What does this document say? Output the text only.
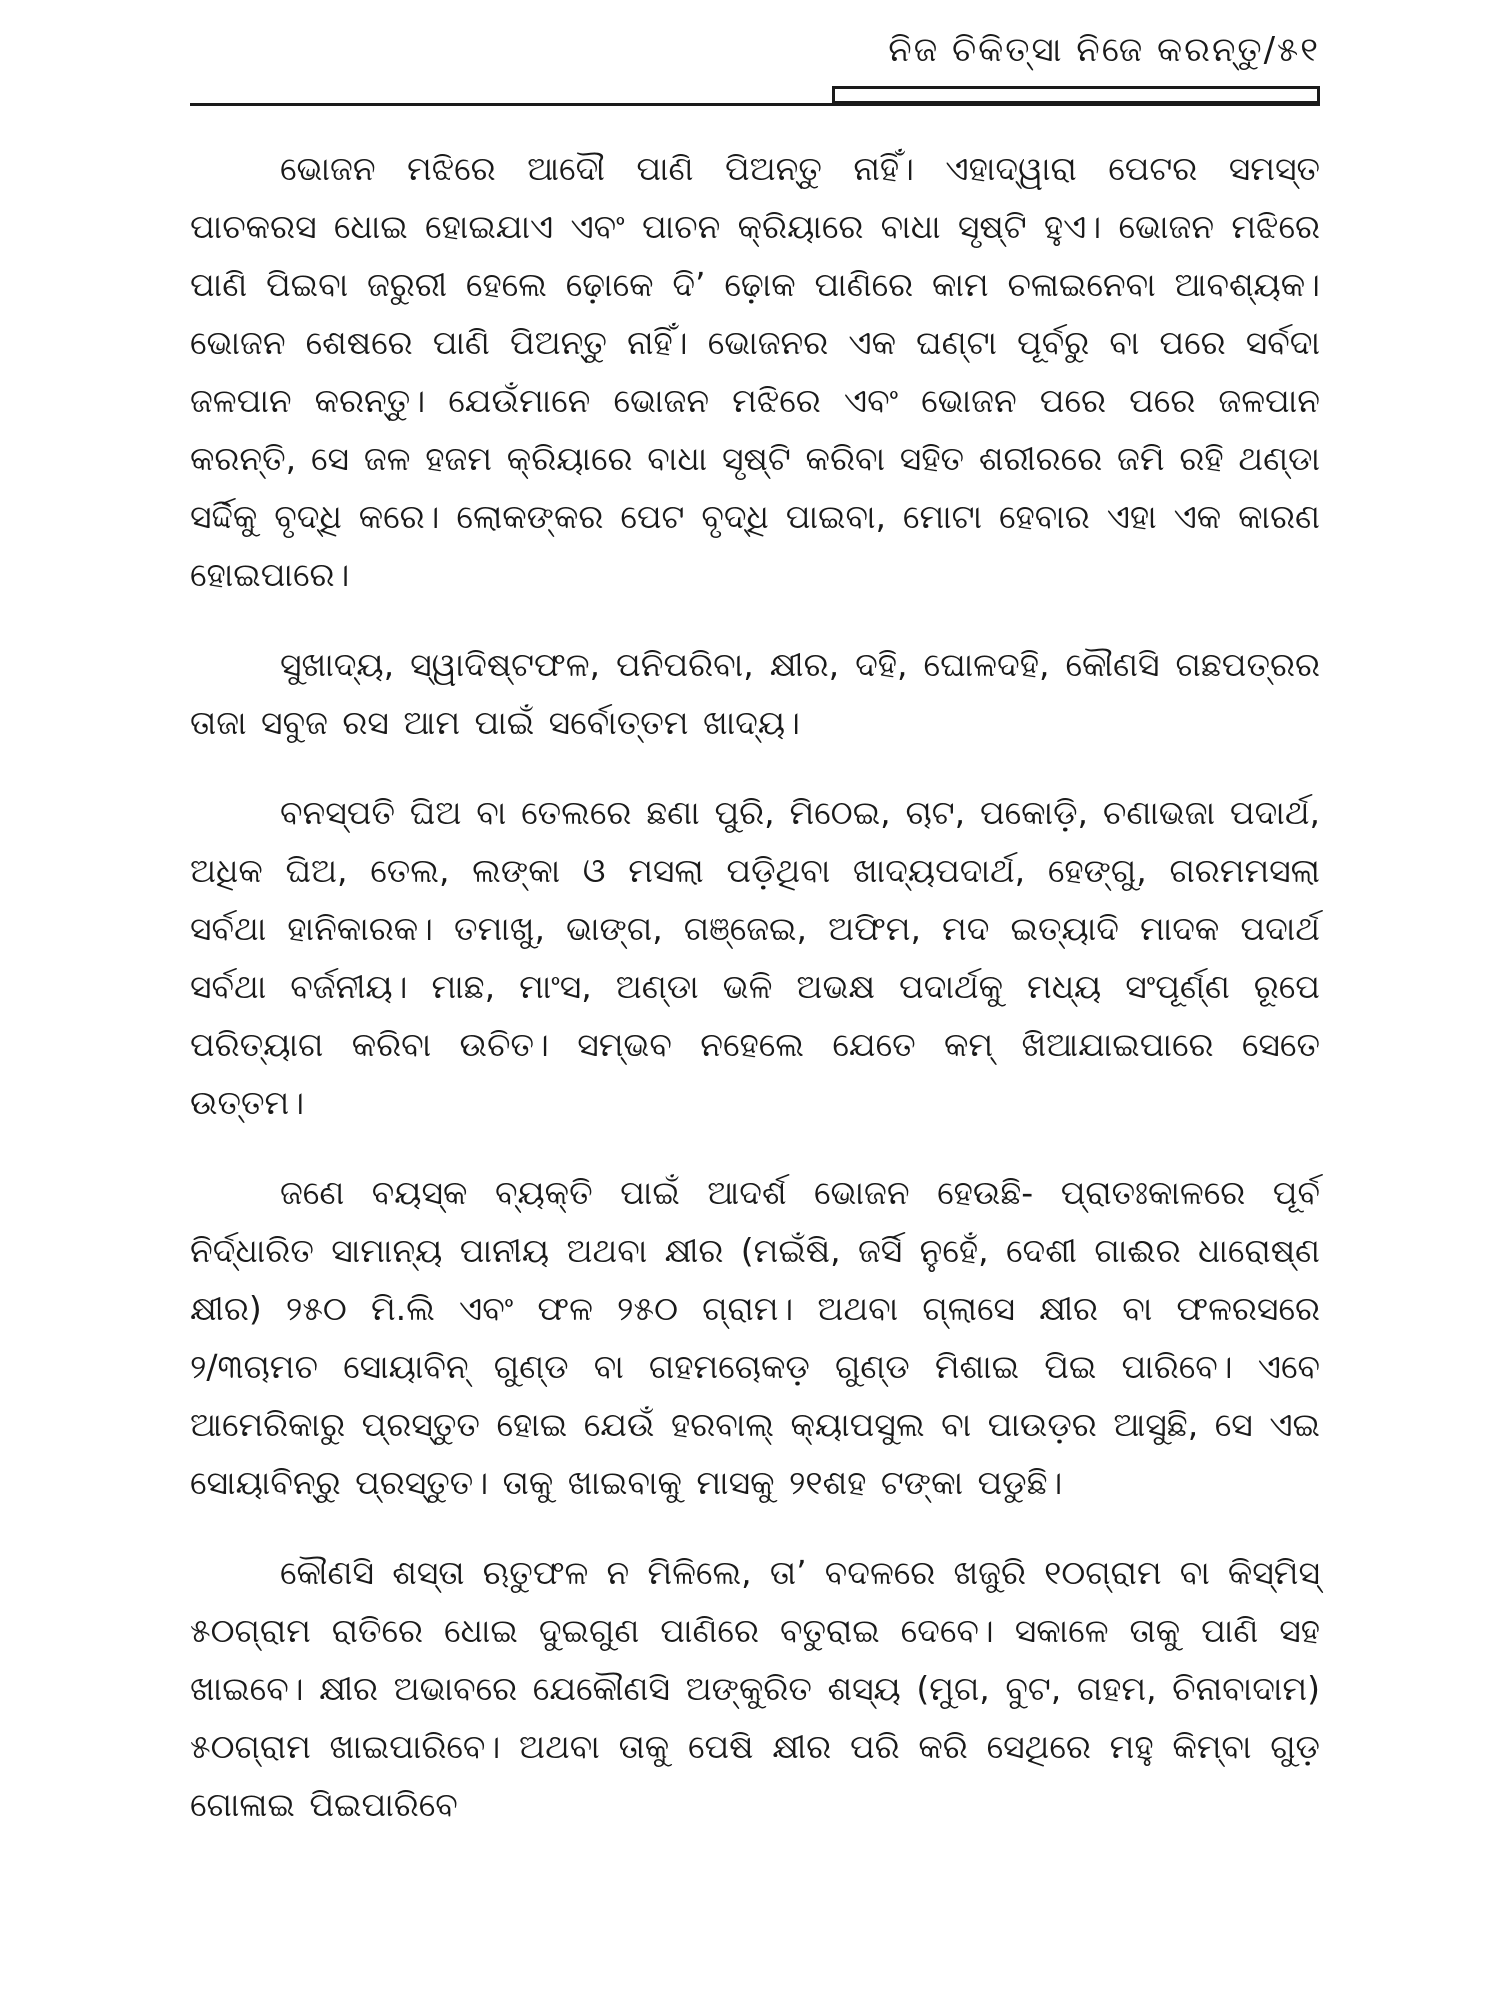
ନିଜ ଚିକିତ୍ସା ନିଜେ କରନ୍ତୁ/୫୧

ଭୋଜନ ମଝିରେ ଆଦୌ ପାଣି ପିଅନ୍ତୁ ନାହିଁ। ଏହାଦ୍ୱାରା ପେଟର ସମସ୍ତ ପାଚକରସ ଧୋଇ ହୋଇଯାଏ ଏବଂ ପାଚନ କ୍ରିୟାରେ ବାଧା ସୃଷ୍ଟି ହୁଏ। ଭୋଜନ ମଝିରେ ପାଣି ପିଇବା ଜରୁରୀ ହେଲେ ଢ଼ୋକେ ଦି’ ଢ଼ୋକ ପାଣିରେ କାମ ଚଳାଇନେବା ଆବଶ୍ୟକ। ଭୋଜନ ଶେଷରେ ପାଣି ପିଅନ୍ତୁ ନାହିଁ। ଭୋଜନର ଏକ ଘଣ୍ଟା ପୂର୍ବରୁ ବା ପରେ ସର୍ବଦା ଜଳପାନ କରନ୍ତୁ। ଯେଉଁମାନେ ଭୋଜନ ମଝିରେ ଏବଂ ଭୋଜନ ପରେ ପରେ ଜଳପାନ କରନ୍ତି, ସେ ଜଳ ହଜମ କ୍ରିୟାରେ ବାଧା ସୃଷ୍ଟି କରିବା ସହିତ ଶରୀରରେ ଜମି ରହି ଥଣ୍ଡା ସର୍ଦ୍ଦିକୁ ବୃଦ୍ଧି କରେ। ଲୋକଙ୍କର ପେଟ ବୃଦ୍ଧି ପାଇବା, ମୋଟା ହେବାର ଏହା ଏକ କାରଣ ହୋଇପାରେ।

ସୁଖାଦ୍ୟ, ସ୍ୱାଦିଷ୍ଟଫଳ, ପନିପରିବା, କ୍ଷୀର, ଦହି, ଘୋଳଦହି, କୌଣସି ଗଛପତ୍ରର ତାଜା ସବୁଜ ରସ ଆମ ପାଇଁ ସର୍ବୋତ୍ତମ ଖାଦ୍ୟ।

ବନସ୍ପତି ଘିଅ ବା ତେଲରେ ଛଣା ପୁରି, ମିଠେଇ, ଚାଟ, ପକୋଡ଼ି, ଚଣାଭଜା ପଦାର୍ଥ, ଅଧିକ ଘିଅ, ତେଲ, ଲଙ୍କା ଓ ମସଲା ପଡ଼ିଥିବା ଖାଦ୍ୟପଦାର୍ଥ, ହେଙ୍ଗୁ, ଗରମମସଲା ସର୍ବଥା ହାନିକାରକ। ତମାଖୁ, ଭାଙ୍ଗ, ଗଞ୍ଜେଇ, ଅଫିମ, ମଦ ଇତ୍ୟାଦି ମାଦକ ପଦାର୍ଥ ସର୍ବଥା ବର୍ଜନୀୟ। ମାଛ, ମାଂସ, ଅଣ୍ଡା ଭଳି ଅଭକ୍ଷ ପଦାର୍ଥକୁ ମଧ୍ୟ ସଂପୂର୍ଣ୍ଣ ରୂପେ ପରିତ୍ୟାଗ କରିବା ଉଚିତ। ସମ୍ଭବ ନହେଲେ ଯେତେ କମ୍ ଖିଆଯାଇପାରେ ସେତେ ଉତ୍ତମ।

ଜଣେ ବୟସ୍କ ବ୍ୟକ୍ତି ପାଇଁ ଆଦର୍ଶ ଭୋଜନ ହେଉଛି- ପ୍ରାତଃକାଳରେ ପୂର୍ବ ନିର୍ଦ୍ଧାରିତ ସାମାନ୍ୟ ପାନୀୟ ଅଥବା କ୍ଷୀର (ମଇଁଷି, ଜର୍ସି ନୁହେଁ, ଦେଶୀ ଗାଈର ଧାରୋଷ୍ଣ କ୍ଷୀର) ୨୫୦ ମି.ଲି ଏବଂ ଫଳ ୨୫୦ ଗ୍ରାମ। ଅଥବା ଗ୍ଲାସେ କ୍ଷୀର ବା ଫଳରସରେ ୨/୩ଚାମଚ ସୋୟାବିନ୍ ଗୁଣ୍ଡ ବା ଗହମଚୋକଡ଼ ଗୁଣ୍ଡ ମିଶାଇ ପିଇ ପାରିବେ। ଏବେ ଆମେରିକାରୁ ପ୍ରସ୍ତୁତ ହୋଇ ଯେଉଁ ହରବାଲ୍ କ୍ୟାପସୁଲ ବା ପାଉଡ଼ର ଆସୁଛି, ସେ ଏଇ ସୋୟାବିନ୍‌ରୁ ପ୍ରସ୍ତୁତ। ତାକୁ ଖାଇବାକୁ ମାସକୁ ୨୧ଶହ ଟଙ୍କା ପଡୁଛି।

କୌଣସି ଶସ୍ତା ଋତୁଫଳ ନ ମିଳିଲେ, ତା’ ବଦଳରେ ଖଜୁରି ୧୦ଗ୍ରାମ ବା କିସ୍‌ମିସ୍ ୫୦ଗ୍ରାମ ରାତିରେ ଧୋଇ ଦୁଇଗୁଣ ପାଣିରେ ବତୁରାଇ ଦେବେ। ସକାଳେ ତାକୁ ପାଣି ସହ ଖାଇବେ। କ୍ଷୀର ଅଭାବରେ ଯେକୌଣସି ଅଙ୍କୁରିତ ଶସ୍ୟ (ମୁଗ, ବୁଟ, ଗହମ, ଚିନାବାଦାମ) ୫୦ଗ୍ରାମ ଖାଇପାରିବେ। ଅଥବା ତାକୁ ପେଷି କ୍ଷୀର ପରି କରି ସେଥିରେ ମହୁ କିମ୍ବା ଗୁଡ଼ ଗୋଳାଇ ପିଇପାରିବେ
